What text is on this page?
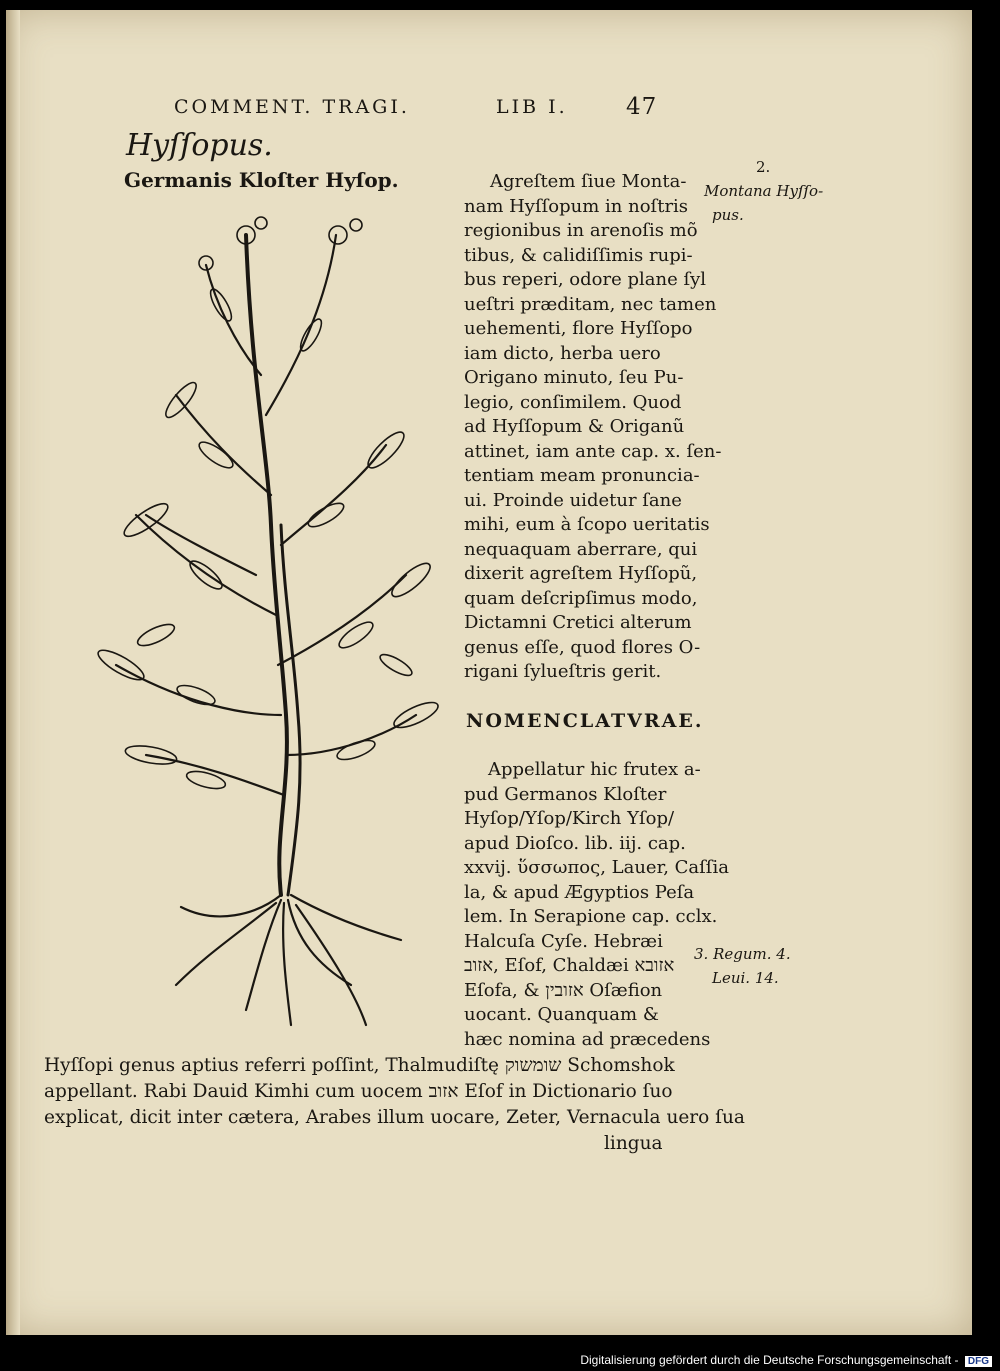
COMMENT. TRAGI.	LIB I.	47
Hyſſopus.
Germanis Kloſter Hyſop.	Agreſtem ſiue Monta-
nam Hyſſopum in noſtris
regionibus in arenoſis mõ
tibus, & calidiſſimis rupi-
bus reperi, odore plane ſyl
ueſtri præditam, nec tamen
uehementi, flore Hyſſopo
iam dicto, herba uero
Origano minuto, ſeu Pu-
legio, conſimilem. Quod
ad Hyſſopum & Origanũ
attinet, iam ante cap. x. ſen-
tentiam meam pronuncia-
ui. Proinde uidetur ſane
mihi, eum à ſcopo ueritatis
nequaquam aberrare, qui
dixerit agreſtem Hyſſopũ,
quam deſcripſimus modo,
Dictamni Cretici alterum
genus eſſe, quod flores O-
rigani ſylueſtris gerit.
NOMENCLATVRAE.
Appellatur hic frutex a-
pud Germanos Kloſter
Hyſop/Yſop/Kirch Yſop/
apud Dioſco. lib. iij. cap.
xxvij. ὕσσωπος, Lauer, Caſſia
la, & apud Ægyptios Peſa
lem. In Serapione cap. cclx.
Halcuſa Cyſe. Hebræi
אזוב, Eſof, Chaldæi אזובא
Eſofa, & אזובין Oſæfion
uocant. Quanquam &
hæc nomina ad præcedens
Hyſſopi genus aptius referri poſſint, Thalmudiſtę שומשוק Schomshok
appellant. Rabi Dauid Kimhi cum uocem אזוב Eſof in Dictionario ſuo
explicat, dicit inter cætera, Arabes illum uocare, Zeter, Vernacula uero ſua
lingua
2.
Montana Hyſſo-
pus.
3. Regum. 4.
Leui. 14.
Digitalisierung gefördert durch die Deutsche Forschungsgemeinschaft - DFG
